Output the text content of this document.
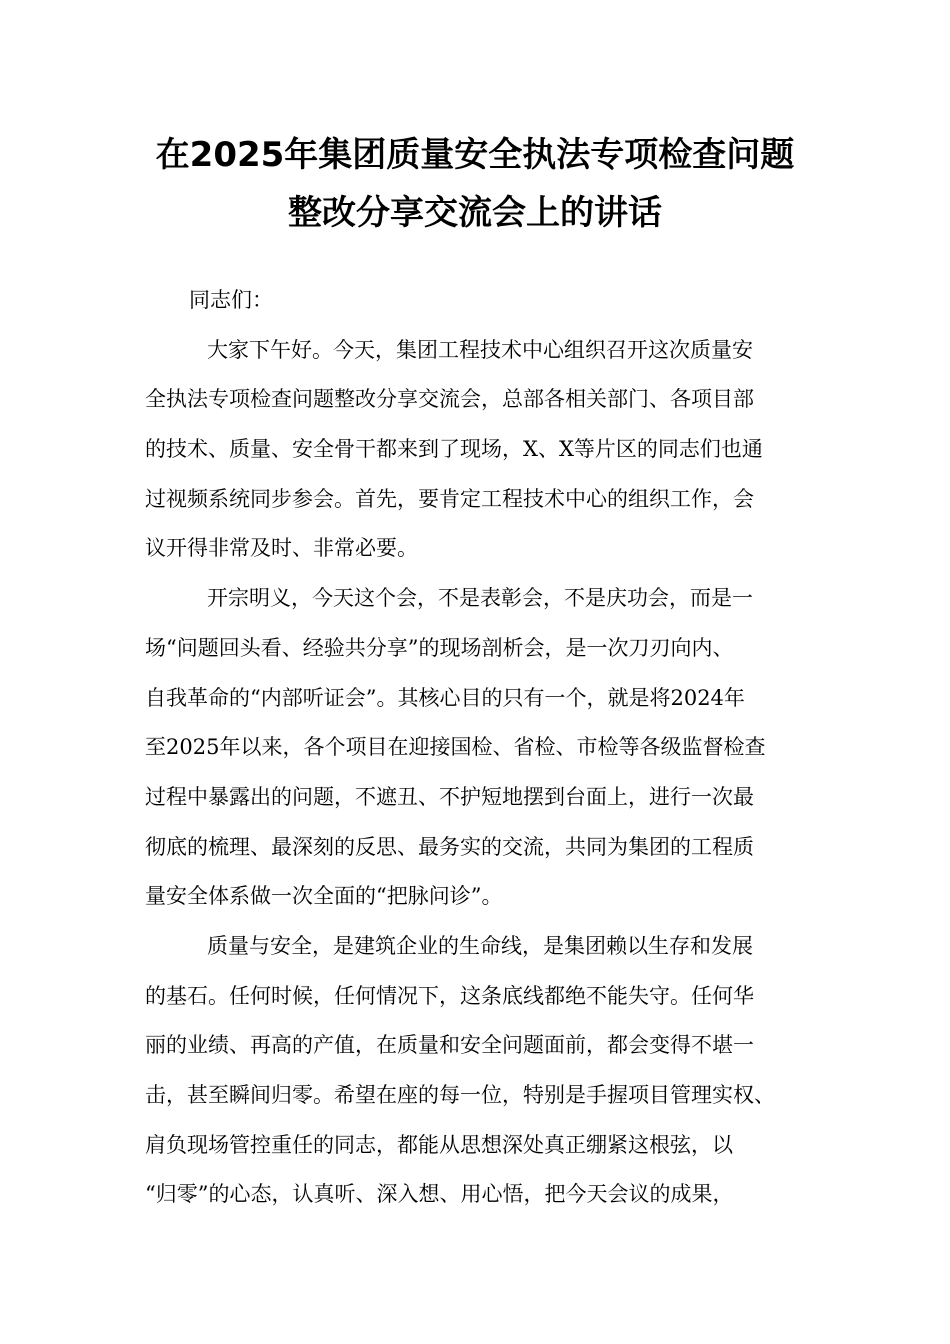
在2025年集团质量安全执法专项检查问题
整改分享交流会上的讲话

同志们：

大家下午好。今天，集团工程技术中心组织召开这次质量安
全执法专项检查问题整改分享交流会，总部各相关部门、各项目部
的技术、质量、安全骨干都来到了现场，X、X等片区的同志们也通
过视频系统同步参会。首先，要肯定工程技术中心的组织工作，会
议开得非常及时、非常必要。

开宗明义，今天这个会，不是表彰会，不是庆功会，而是一
场“问题回头看、经验共分享”的现场剖析会，是一次刀刃向内、
自我革命的“内部听证会”。其核心目的只有一个，就是将2024年
至2025年以来，各个项目在迎接国检、省检、市检等各级监督检查
过程中暴露出的问题，不遮丑、不护短地摆到台面上，进行一次最
彻底的梳理、最深刻的反思、最务实的交流，共同为集团的工程质
量安全体系做一次全面的“把脉问诊”。

质量与安全，是建筑企业的生命线，是集团赖以生存和发展
的基石。任何时候，任何情况下，这条底线都绝不能失守。任何华
丽的业绩、再高的产值，在质量和安全问题面前，都会变得不堪一
击，甚至瞬间归零。希望在座的每一位，特别是手握项目管理实权、
肩负现场管控重任的同志，都能从思想深处真正绷紧这根弦，以
“归零”的心态，认真听、深入想、用心悟，把今天会议的成果，
